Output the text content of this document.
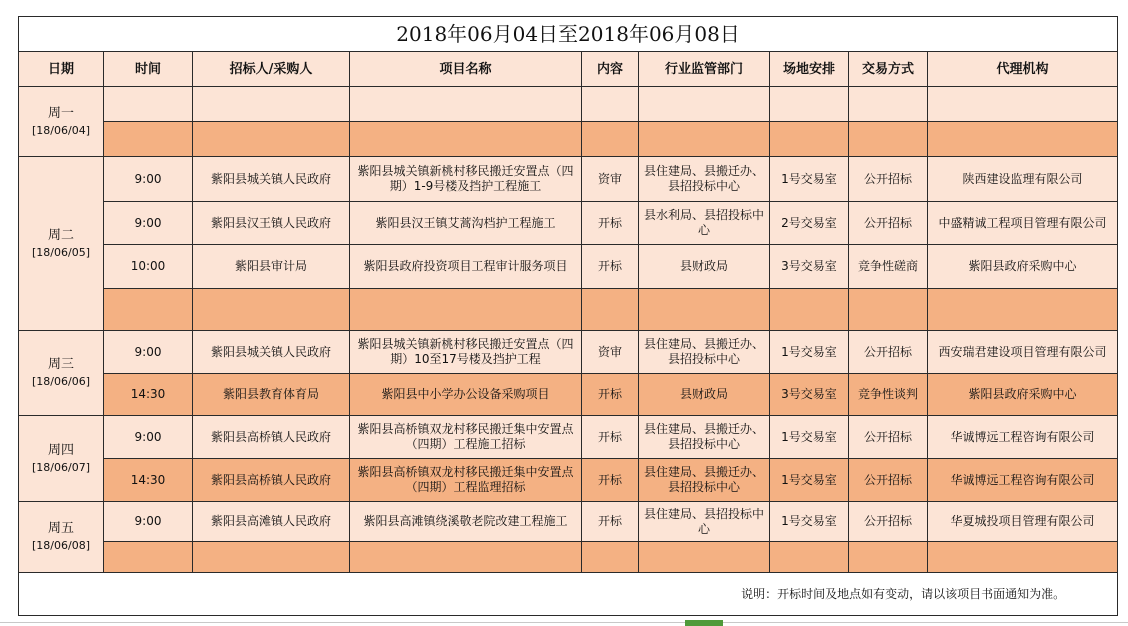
2018年06月04日至2018年06月08日								
日期	时间	招标人/采购人	项目名称	内容	行业监管部门	场地安排	交易方式	代理机构

周一
[18/06/04]								

周二
[18/06/05]	9:00	紫阳县城关镇人民政府	紫阳县城关镇新桃村移民搬迁安置点（四期）1-9号楼及挡护工程施工	资审	县住建局、县搬迁办、县招投标中心	1号交易室	公开招标	陕西建设监理有限公司
	9:00	紫阳县汉王镇人民政府	紫阳县汉王镇艾蒿沟档护工程施工	开标	县水利局、县招投标中心	2号交易室	公开招标	中盛精诚工程项目管理有限公司
	10:00	紫阳县审计局	紫阳县政府投资项目工程审计服务项目	开标	县财政局	3号交易室	竞争性磋商	紫阳县政府采购中心

周三
[18/06/06]	9:00	紫阳县城关镇人民政府	紫阳县城关镇新桃村移民搬迁安置点（四期）10至17号楼及挡护工程	资审	县住建局、县搬迁办、县招投标中心	1号交易室	公开招标	西安瑞君建设项目管理有限公司
	14:30	紫阳县教育体育局	紫阳县中小学办公设备采购项目	开标	县财政局	3号交易室	竞争性谈判	紫阳县政府采购中心

周四
[18/06/07]	9:00	紫阳县高桥镇人民政府	紫阳县高桥镇双龙村移民搬迁集中安置点（四期）工程施工招标	开标	县住建局、县搬迁办、县招投标中心	1号交易室	公开招标	华诚博远工程咨询有限公司
	14:30	紫阳县高桥镇人民政府	紫阳县高桥镇双龙村移民搬迁集中安置点（四期）工程监理招标	开标	县住建局、县搬迁办、县招投标中心	1号交易室	公开招标	华诚博远工程咨询有限公司

周五
[18/06/08]	9:00	紫阳县高滩镇人民政府	紫阳县高滩镇绕溪敬老院改建工程施工	开标	县住建局、县招投标中心	1号交易室	公开招标	华夏城投项目管理有限公司

说明：开标时间及地点如有变动，请以该项目书面通知为准。								
